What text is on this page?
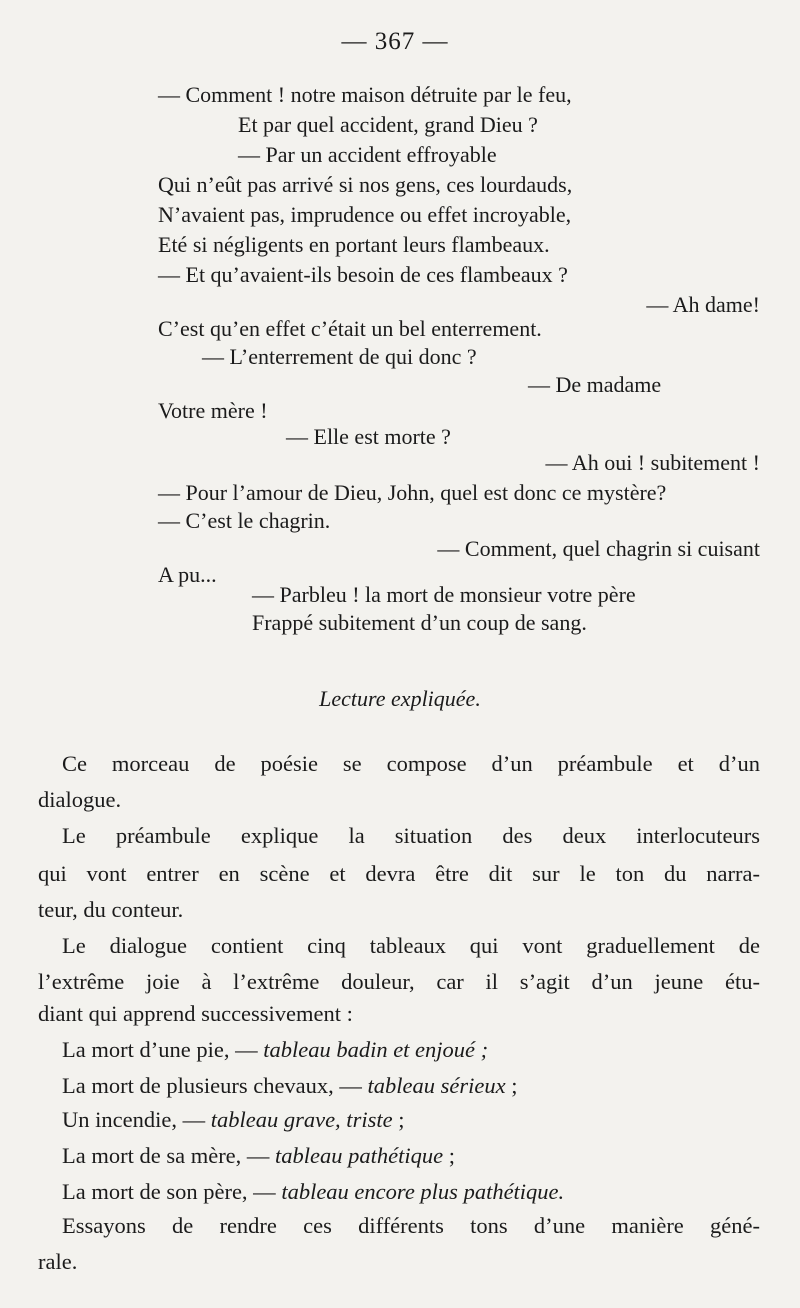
— 367 —
— Comment ! notre maison détruite par le feu,
Et par quel accident, grand Dieu ?
— Par un accident effroyable
Qui n’eût pas arrivé si nos gens, ces lourdauds,
N’avaient pas, imprudence ou effet incroyable,
Eté si négligents en portant leurs flambeaux.
— Et qu’avaient-ils besoin de ces flambeaux ?
— Ah dame!
C’est qu’en effet c’était un bel enterrement.
— L’enterrement de qui donc ?
— De madame
Votre mère !
— Elle est morte ?
— Ah oui ! subitement !
— Pour l’amour de Dieu, John, quel est donc ce mystère?
— C’est le chagrin.
— Comment, quel chagrin si cuisant
A pu...
— Parbleu ! la mort de monsieur votre père
Frappé subitement d’un coup de sang.
Lecture expliquée.
Ce morceau de poésie se compose d’un préambule et d’un
dialogue.
Le préambule explique la situation des deux interlocuteurs
qui vont entrer en scène et devra être dit sur le ton du narra-
teur, du conteur.
Le dialogue contient cinq tableaux qui vont graduellement de
l’extrême joie à l’extrême douleur, car il s’agit d’un jeune étu-
diant qui apprend successivement :
La mort d’une pie, — tableau badin et enjoué ;
La mort de plusieurs chevaux, — tableau sérieux ;
Un incendie, — tableau grave, triste ;
La mort de sa mère, — tableau pathétique ;
La mort de son père, — tableau encore plus pathétique.
Essayons de rendre ces différents tons d’une manière géné-
rale.
